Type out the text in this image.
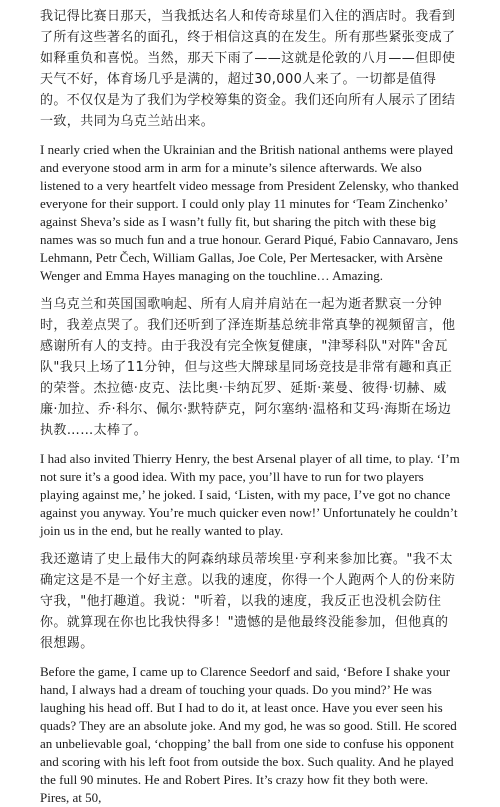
我记得比赛日那天，当我抵达名人和传奇球星们入住的酒店时。我看到了所有这些著名的面孔，终于相信这真的在发生。所有那些紧张变成了如释重负和喜悦。当然，那天下雨了——这就是伦敦的八月——但即使天气不好，体育场几乎是满的，超过30,000人来了。一切都是值得的。不仅仅是为了我们为学校筹集的资金。我们还向所有人展示了团结一致，共同为乌克兰站出来。

I nearly cried when the Ukrainian and the British national anthems were played and everyone stood arm in arm for a minute’s silence afterwards. We also listened to a very heartfelt video message from President Zelensky, who thanked everyone for their support. I could only play 11 minutes for ‘Team Zinchenko’ against Sheva’s side as I wasn’t fully fit, but sharing the pitch with these big names was so much fun and a true honour. Gerard Piqué, Fabio Cannavaro, Jens Lehmann, Petr Čech, William Gallas, Joe Cole, Per Mertesacker, with Arsène Wenger and Emma Hayes managing on the touchline… Amazing.

当乌克兰和英国国歌响起、所有人肩并肩站在一起为逝者默哀一分钟时，我差点哭了。我们还听到了泽连斯基总统非常真挚的视频留言，他感谢所有人的支持。由于我没有完全恢复健康，"津琴科队"对阵"舍瓦队"我只上场了11分钟，但与这些大牌球星同场竞技是非常有趣和真正的荣誉。杰拉德·皮克、法比奥·卡纳瓦罗、延斯·莱曼、彼得·切赫、威廉·加拉、乔·科尔、佩尔·默特萨克，阿尔塞纳·温格和艾玛·海斯在场边执教……太棒了。

I had also invited Thierry Henry, the best Arsenal player of all time, to play. ‘I’m not sure it’s a good idea. With my pace, you’ll have to run for two players playing against me,’ he joked. I said, ‘Listen, with my pace, I’ve got no chance against you anyway. You’re much quicker even now!’ Unfortunately he couldn’t join us in the end, but he really wanted to play.

我还邀请了史上最伟大的阿森纳球员蒂埃里·亨利来参加比赛。"我不太确定这是不是一个好主意。以我的速度，你得一个人跑两个人的份来防守我，"他打趣道。我说："听着，以我的速度，我反正也没机会防住你。就算现在你也比我快得多！"遗憾的是他最终没能参加，但他真的很想踢。

Before the game, I came up to Clarence Seedorf and said, ‘Before I shake your hand, I always had a dream of touching your quads. Do you mind?’ He was laughing his head off. But I had to do it, at least once. Have you ever seen his quads? They are an absolute joke. And my god, he was so good. Still. He scored an unbelievable goal, ‘chopping’ the ball from one side to confuse his opponent and scoring with his left foot from outside the box. Such quality. And he played the full 90 minutes. He and Robert Pires. It’s crazy how fit they both were. Pires, at 50,
